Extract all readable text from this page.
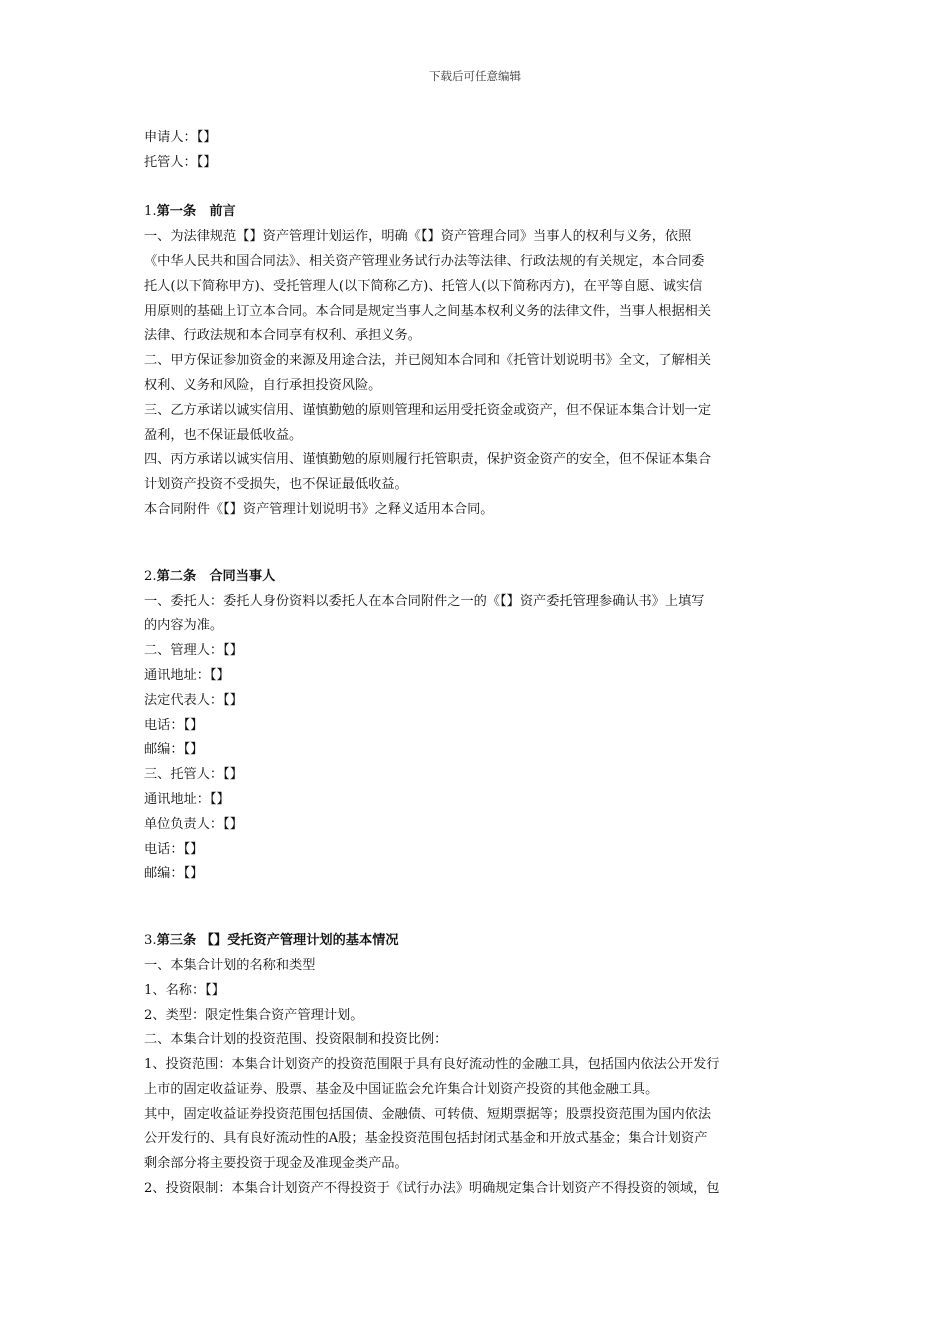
下载后可任意编辑
申请人：【】
托管人：【】
1.第一条　前言
一、为法律规范【】资产管理计划运作，明确《【】资产管理合同》当事人的权利与义务，依照
《中华人民共和国合同法》、相关资产管理业务试行办法等法律、行政法规的有关规定，本合同委
托人(以下简称甲方)、受托管理人(以下简称乙方)、托管人(以下简称丙方)，在平等自愿、诚实信
用原则的基础上订立本合同。本合同是规定当事人之间基本权利义务的法律文件，当事人根据相关
法律、行政法规和本合同享有权利、承担义务。
二、甲方保证参加资金的来源及用途合法，并已阅知本合同和《托管计划说明书》全文，了解相关
权利、义务和风险，自行承担投资风险。
三、乙方承诺以诚实信用、谨慎勤勉的原则管理和运用受托资金或资产，但不保证本集合计划一定
盈利，也不保证最低收益。
四、丙方承诺以诚实信用、谨慎勤勉的原则履行托管职责，保护资金资产的安全，但不保证本集合
计划资产投资不受损失，也不保证最低收益。
本合同附件《【】资产管理计划说明书》之释义适用本合同。
2.第二条　合同当事人
一、委托人：委托人身份资料以委托人在本合同附件之一的《【】资产委托管理参确认书》上填写
的内容为准。
二、管理人：【】
通讯地址：【】
法定代表人：【】
电话：【】
邮编：【】
三、托管人：【】
通讯地址：【】
单位负责人：【】
电话：【】
邮编：【】
3.第三条 【】受托资产管理计划的基本情况
一、本集合计划的名称和类型
1、名称：【】
2、类型：限定性集合资产管理计划。
二、本集合计划的投资范围、投资限制和投资比例：
1、投资范围：本集合计划资产的投资范围限于具有良好流动性的金融工具，包括国内依法公开发行
上市的固定收益证券、股票、基金及中国证监会允许集合计划资产投资的其他金融工具。
其中，固定收益证券投资范围包括国债、金融债、可转债、短期票据等；股票投资范围为国内依法
公开发行的、具有良好流动性的A股；基金投资范围包括封闭式基金和开放式基金；集合计划资产
剩余部分将主要投资于现金及准现金类产品。
2、投资限制：本集合计划资产不得投资于《试行办法》明确规定集合计划资产不得投资的领域，包
